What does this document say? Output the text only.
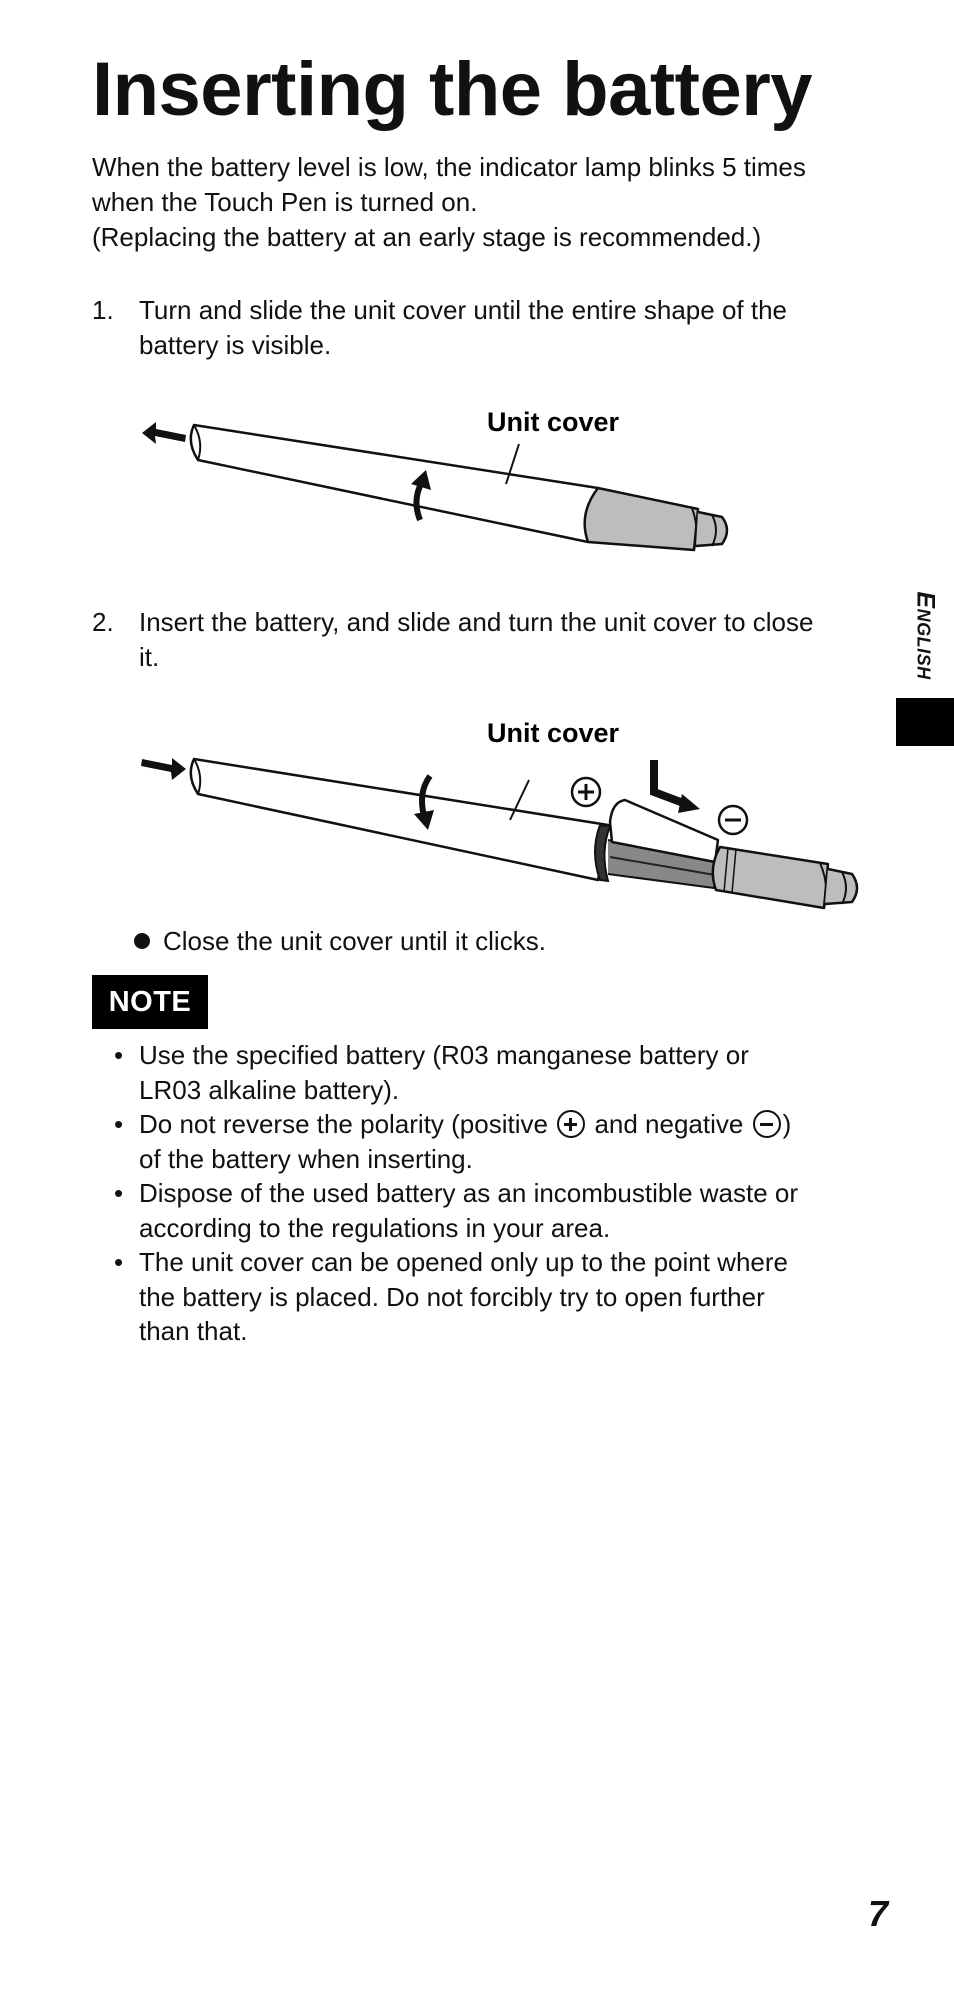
Inserting the battery

When the battery level is low, the indicator lamp blinks 5 times

when the Touch Pen is turned on.

(Replacing the battery at an early stage is recommended.)

1. Turn and slide the unit cover until the entire shape of the
battery is visible.
Unit cover
2. Insert the battery, and slide and turn the unit cover to close
it.
Unit cover
Close the unit cover until it clicks.
NOTE
• Use the specified battery (R03 manganese battery or
LR03 alkaline battery).
• Do not reverse the polarity (positive and negative )
of the battery when inserting.
• Dispose of the used battery as an incombustible waste or
according to the regulations in your area.
• The unit cover can be opened only up to the point where
the battery is placed. Do not forcibly try to open further
than that.
English
7
